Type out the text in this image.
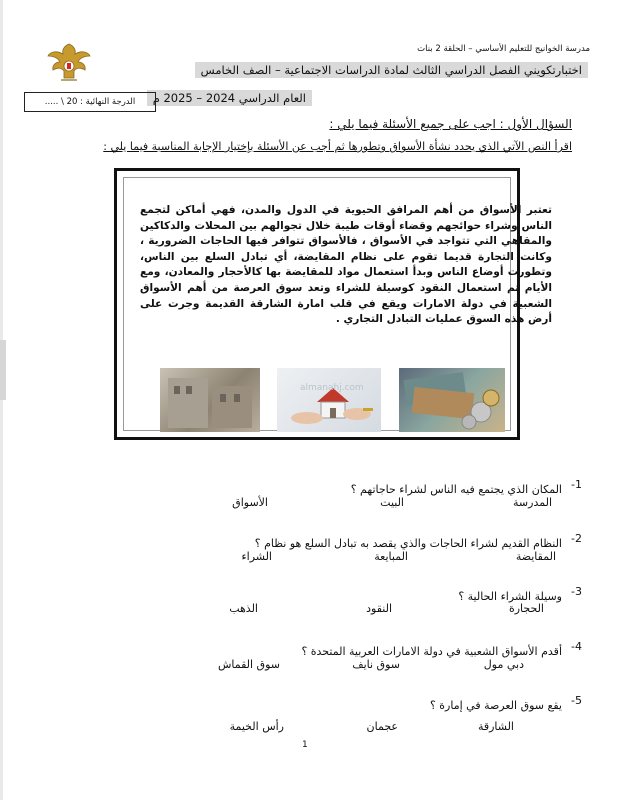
مدرسة الخوانيج للتعليم الأساسي – الحلقة 2 بنات
اختبارتكويني الفصل الدراسي الثالث لمادة الدراسات الاجتماعية – الصف الخامس
العام الدراسي 2024 – 2025 م
الدرجة النهائية : 20 \ .....
السؤال الأول : اجب على جميع الأسئلة فيما يلي :
اقرأ النص الآتي الذي يحدد نشأة الأسواق وتطورها ثم أجب عن الأسئلة بإختيار الإجابة المناسبة فيما يلي :
تعتبر الأسواق من أهم المرافق الحيوية في الدول والمدن، فهي أماكن لتجمع الناس وشراء حوائجهم وقضاء أوقات طيبة خلال تجوالهم بين المحلات والدكاكين والمقاهي التي تتواجد في الأسواق ، فالأسواق تتوافر فيها الحاجات الضرورية ، وكانت التجارة قديما تقوم على نظام المقايضة، أي تبادل السلع بين الناس، وتطورت أوضاع الناس وبدأ استعمال مواد للمقايضة بها كالأحجار والمعادن، ومع الأيام تم استعمال النقود كوسيلة للشراء وتعد سوق العرصة من أهم الأسواق الشعبية في دولة الامارات ويقع في قلب امارة الشارقة القديمة وجرت على أرض هذه السوق عمليات التبادل التجاري .
almanahj.com
المكان الذي يجتمع فيه الناس لشراء حاجاتهم ؟ -1
المدرسة
البيت
الأسواق
النظام القديم لشراء الحاجات والذي يقصد به تبادل السلع هو نظام ؟ -2
المقايضة
المبايعة
الشراء
وسيلة الشراء الحالية ؟ -3
الحجارة
النقود
الذهب
أقدم الأسواق الشعبية في دولة الامارات العربية المتحدة ؟ -4
دبي مول
سوق نايف
سوق القماش
يقع سوق العرصة في إمارة ؟ -5
الشارقة
عجمان
رأس الخيمة
1
